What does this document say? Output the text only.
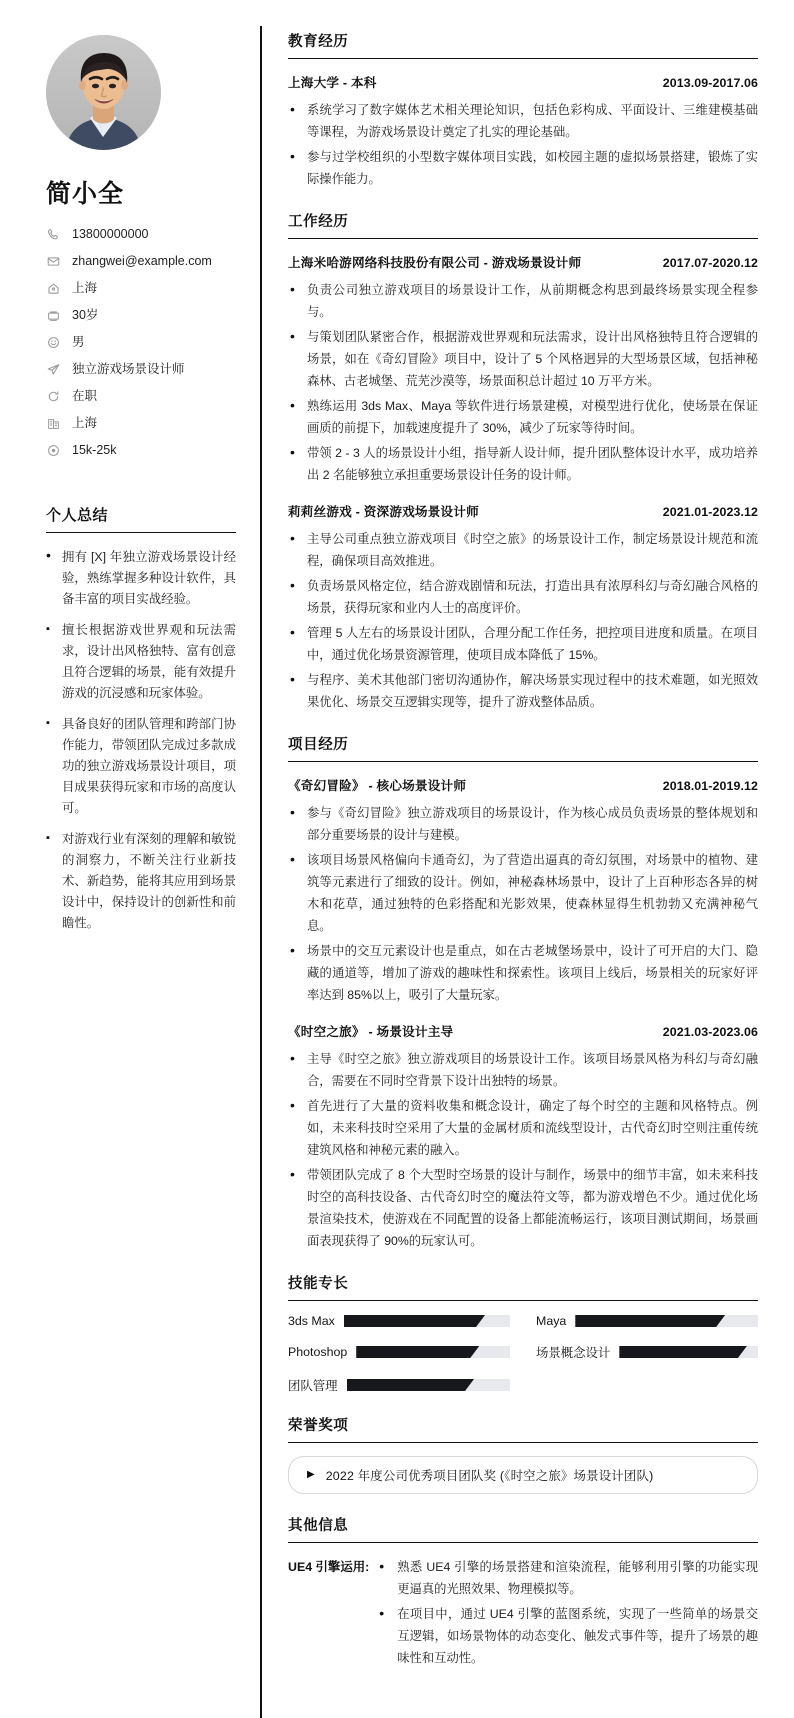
简小全
13800000000
zhangwei@example.com
上海
30岁
男
独立游戏场景设计师
在职
上海
15k-25k
个人总结
• 拥有 [X] 年独立游戏场景设计经验，熟练掌握多种设计软件，具备丰富的项目实战经验。
▪ 擅长根据游戏世界观和玩法需求，设计出风格独特、富有创意且符合逻辑的场景，能有效提升游戏的沉浸感和玩家体验。
▪ 具备良好的团队管理和跨部门协作能力，带领团队完成过多款成功的独立游戏场景设计项目，项目成果获得玩家和市场的高度认可。
▪ 对游戏行业有深刻的理解和敏锐的洞察力，不断关注行业新技术、新趋势，能将其应用到场景设计中，保持设计的创新性和前瞻性。
教育经历
上海大学 - 本科	2013.09-2017.06
• 系统学习了数字媒体艺术相关理论知识，包括色彩构成、平面设计、三维建模基础等课程，为游戏场景设计奠定了扎实的理论基础。
• 参与过学校组织的小型数字媒体项目实践，如校园主题的虚拟场景搭建，锻炼了实际操作能力。
工作经历
上海米哈游网络科技股份有限公司 - 游戏场景设计师	2017.07-2020.12
• 负责公司独立游戏项目的场景设计工作，从前期概念构思到最终场景实现全程参与。
• 与策划团队紧密合作，根据游戏世界观和玩法需求，设计出风格独特且符合逻辑的场景，如在《奇幻冒险》项目中，设计了 5 个风格迥异的大型场景区域，包括神秘森林、古老城堡、荒芜沙漠等，场景面积总计超过 10 万平方米。
• 熟练运用 3ds Max、Maya 等软件进行场景建模，对模型进行优化，使场景在保证画质的前提下，加载速度提升了 30%，减少了玩家等待时间。
• 带领 2 - 3 人的场景设计小组，指导新人设计师，提升团队整体设计水平，成功培养出 2 名能够独立承担重要场景设计任务的设计师。
莉莉丝游戏 - 资深游戏场景设计师	2021.01-2023.12
• 主导公司重点独立游戏项目《时空之旅》的场景设计工作，制定场景设计规范和流程，确保项目高效推进。
• 负责场景风格定位，结合游戏剧情和玩法，打造出具有浓厚科幻与奇幻融合风格的场景，获得玩家和业内人士的高度评价。
• 管理 5 人左右的场景设计团队，合理分配工作任务，把控项目进度和质量。在项目中，通过优化场景资源管理，使项目成本降低了 15%。
• 与程序、美术其他部门密切沟通协作，解决场景实现过程中的技术难题，如光照效果优化、场景交互逻辑实现等，提升了游戏整体品质。
项目经历
《奇幻冒险》 - 核心场景设计师	2018.01-2019.12
• 参与《奇幻冒险》独立游戏项目的场景设计，作为核心成员负责场景的整体规划和部分重要场景的设计与建模。
• 该项目场景风格偏向卡通奇幻，为了营造出逼真的奇幻氛围，对场景中的植物、建筑等元素进行了细致的设计。例如，神秘森林场景中，设计了上百种形态各异的树木和花草，通过独特的色彩搭配和光影效果，使森林显得生机勃勃又充满神秘气息。
• 场景中的交互元素设计也是重点，如在古老城堡场景中，设计了可开启的大门、隐藏的通道等，增加了游戏的趣味性和探索性。该项目上线后，场景相关的玩家好评率达到 85%以上，吸引了大量玩家。
《时空之旅》 - 场景设计主导	2021.03-2023.06
• 主导《时空之旅》独立游戏项目的场景设计工作。该项目场景风格为科幻与奇幻融合，需要在不同时空背景下设计出独特的场景。
• 首先进行了大量的资料收集和概念设计，确定了每个时空的主题和风格特点。例如，未来科技时空采用了大量的金属材质和流线型设计，古代奇幻时空则注重传统建筑风格和神秘元素的融入。
• 带领团队完成了 8 个大型时空场景的设计与制作，场景中的细节丰富，如未来科技时空的高科技设备、古代奇幻时空的魔法符文等，都为游戏增色不少。通过优化场景渲染技术，使游戏在不同配置的设备上都能流畅运行，该项目测试期间，场景画面表现获得了 90%的玩家认可。
技能专长
3ds Max	Maya
Photoshop	场景概念设计
团队管理
荣誉奖项
▶ 2022 年度公司优秀项目团队奖 (《时空之旅》场景设计团队)
其他信息
UE4 引擎运用:	• 熟悉 UE4 引擎的场景搭建和渲染流程，能够利用引擎的功能实现更逼真的光照效果、物理模拟等。
• 在项目中，通过 UE4 引擎的蓝图系统，实现了一些简单的场景交互逻辑，如场景物体的动态变化、触发式事件等，提升了场景的趣味性和互动性。
